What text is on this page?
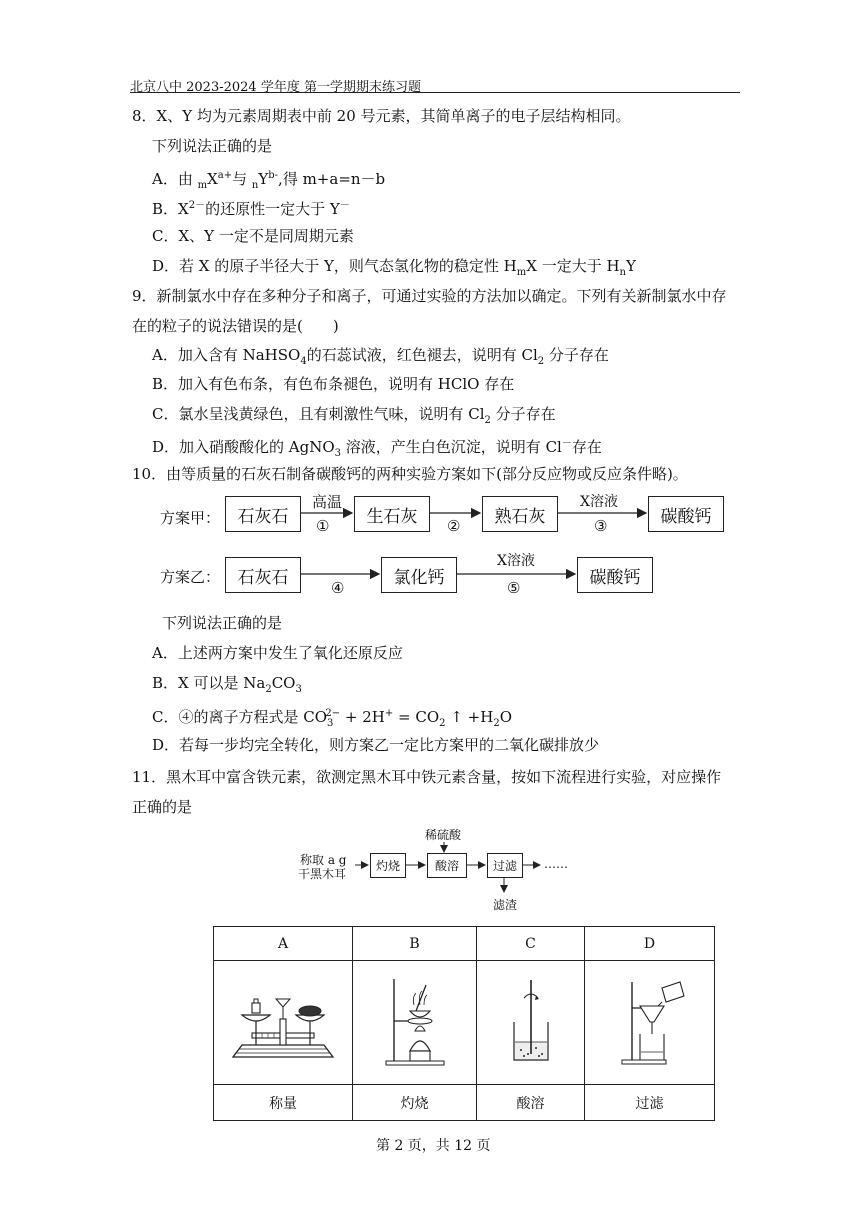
北京八中 2023-2024 学年度 第一学期期末练习题
8．X、Y 均为元素周期表中前 20 号元素，其简单离子的电子层结构相同。
下列说法正确的是
A．由 $_mX^{a+}$与 $_nY^{b-}$,得 m+a=n－b
B．$X^{2-}$的还原性一定大于 Y－
C．X、Y 一定不是同周期元素
D．若 X 的原子半径大于 Y，则气态氢化物的稳定性 $H_mX$ 一定大于 $H_nY$
9．新制氯水中存在多种分子和离子，可通过实验的方法加以确定。下列有关新制氯水中存
在的粒子的说法错误的是(　　)
A．加入含有 NaHSO$_4$的石蕊试液，红色褪去，说明有 $Cl_2$ 分子存在
B．加入有色布条，有色布条褪色，说明有 HClO 存在
C．氯水呈浅黄绿色，且有刺激性气味，说明有 $Cl_2$ 分子存在
D．加入硝酸酸化的 AgNO$_3$ 溶液，产生白色沉淀，说明有 Cl－存在
10．由等质量的石灰石制备碳酸钙的两种实验方案如下(部分反应物或反应条件略)。
方案甲：	石灰石	生石灰	熟石灰	碳酸钙
高温
①	②
X溶液
③
方案乙：	石灰石	氯化钙	碳酸钙
④
X溶液
⑤
下列说法正确的是
A．上述两方案中发生了氧化还原反应
B．X 可以是 $Na_2CO_3$
C．④的离子方程式是 $CO_3^{2-} + 2H^+ = CO_2$ ↑ $+H_2O$
D．若每一步均完全转化，则方案乙一定比方案甲的二氧化碳排放少
11．黑木耳中富含铁元素，欲测定黑木耳中铁元素含量，按如下流程进行实验，对应操作
正确的是
称取 a g
干黑木耳
灼烧	酸溶	过滤
稀硫酸
滤渣
……
A	B	C	D

称量	灼烧	酸溶	过滤
第 2 页，共 12 页
